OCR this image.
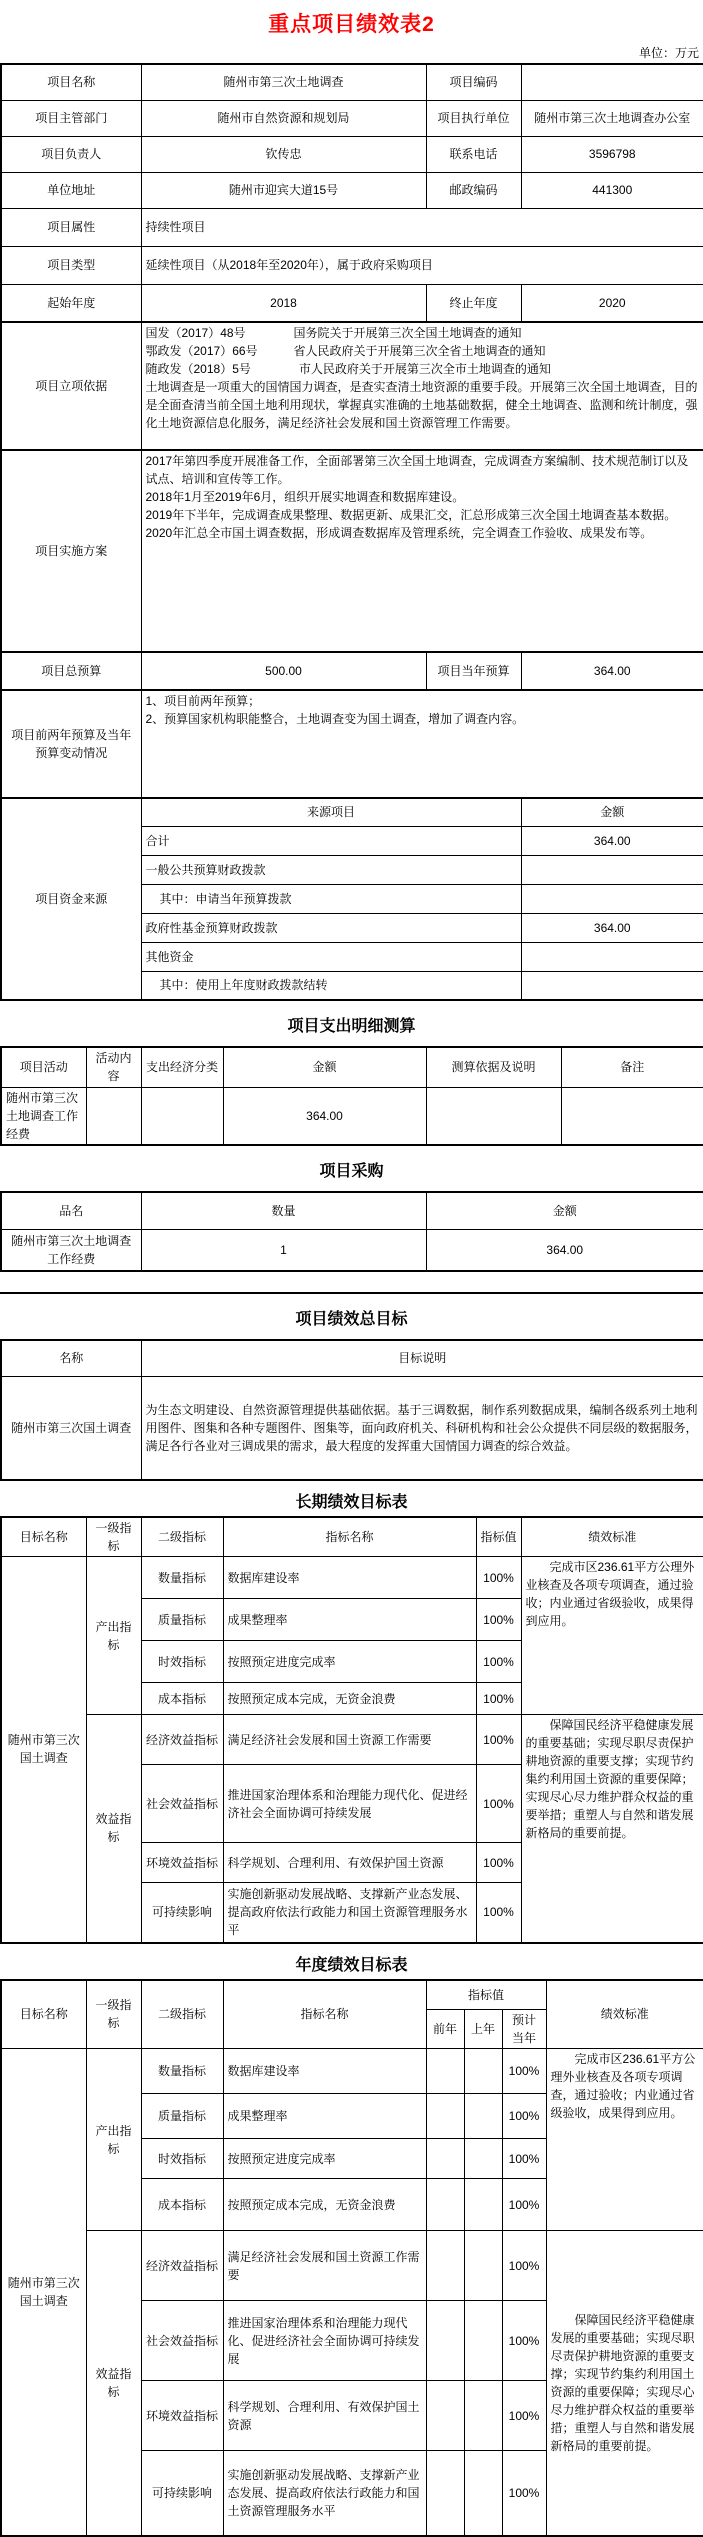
重点项目绩效表2
单位：万元
项目名称	随州市第三次土地调查	项目编码	
项目主管部门	随州市自然资源和规划局	项目执行单位	随州市第三次土地调查办公室
项目负责人	钦传忠	联系电话	3596798
单位地址	随州市迎宾大道15号	邮政编码	441300
项目属性	持续性项目		
项目类型	延续性项目（从2018年至2020年），属于政府采购项目		
起始年度	2018	终止年度	2020
项目立项依据	国发（2017）48号　　　　国务院关于开展第三次全国土地调查的通知
鄂政发（2017）66号　　　省人民政府关于开展第三次全省土地调查的通知
随政发（2018）5号　　　　市人民政府关于开展第三次全市土地调查的通知
土地调查是一项重大的国情国力调查，是查实查清土地资源的重要手段。开展第三次全国土地调查，目的是全面查清当前全国土地利用现状，掌握真实准确的土地基础数据，健全土地调查、监测和统计制度，强化土地资源信息化服务，满足经济社会发展和国土资源管理工作需要。		

项目实施方案	2017年第四季度开展准备工作，全面部署第三次全国土地调查，完成调查方案编制、技术规范制订以及试点、培训和宣传等工作。
2018年1月至2019年6月，组织开展实地调查和数据库建设。
2019年下半年，完成调查成果整理、数据更新、成果汇交，汇总形成第三次全国土地调查基本数据。
2020年汇总全市国土调查数据，形成调查数据库及管理系统，完全调查工作验收、成果发布等。		

项目总预算	500.00	项目当年预算	364.00
项目前两年预算及当年预算变动情况	1、项目前两年预算；
2、预算国家机构职能整合，土地调查变为国土调查，增加了调查内容。		

项目资金来源	来源项目		金额
	合计		364.00
	一般公共预算财政拨款		
	其中：申请当年预算拨款		
	政府性基金预算财政拨款		364.00
	其他资金		
	其中：使用上年度财政拨款结转		
项目支出明细测算
项目活动	活动内容	支出经济分类	金额	测算依据及说明	备注
随州市第三次土地调查工作经费			364.00		
项目采购
品名	数量	金额
随州市第三次土地调查工作经费	1	364.00
项目绩效总目标
名称	目标说明
随州市第三次国土调查	为生态文明建设、自然资源管理提供基础依据。基于三调数据，制作系列数据成果，编制各级系列土地利用图件、图集和各种专题图件、图集等，面向政府机关、科研机构和社会公众提供不同层级的数据服务，满足各行各业对三调成果的需求，最大程度的发挥重大国情国力调查的综合效益。
长期绩效目标表
目标名称	一级指标	二级指标	指标名称	指标值	绩效标准
随州市第三次国土调查	产出指标	数量指标	数据库建设率	100%	完成市区236.61平方公理外业核查及各项专项调查，通过验收；内业通过省级验收，成果得到应用。
		质量指标	成果整理率	100%	
		时效指标	按照预定进度完成率	100%	
		成本指标	按照预定成本完成，无资金浪费	100%	
	效益指标	经济效益指标	满足经济社会发展和国土资源工作需要	100%	保障国民经济平稳健康发展的重要基础；实现尽职尽责保护耕地资源的重要支撑；实现节约集约利用国土资源的重要保障；实现尽心尽力维护群众权益的重要举措；重塑人与自然和谐发展新格局的重要前提。
		社会效益指标	推进国家治理体系和治理能力现代化、促进经济社会全面协调可持续发展	100%	
		环境效益指标	科学规划、合理利用、有效保护国土资源	100%	
		可持续影响	实施创新驱动发展战略、支撑新产业态发展、提高政府依法行政能力和国土资源管理服务水平	100%	
年度绩效目标表
目标名称	一级指标	二级指标	指标名称	指标值			绩效标准
				前年	上年	预计当年	
随州市第三次国土调查	产出指标	数量指标	数据库建设率			100%	完成市区236.61平方公理外业核查及各项专项调查，通过验收；内业通过省级验收，成果得到应用。
		质量指标	成果整理率			100%	
		时效指标	按照预定进度完成率			100%	
		成本指标	按照预定成本完成，无资金浪费			100%	
	效益指标	经济效益指标	满足经济社会发展和国土资源工作需要			100%	保障国民经济平稳健康发展的重要基础；实现尽职尽责保护耕地资源的重要支撑；实现节约集约利用国土资源的重要保障；实现尽心尽力维护群众权益的重要举措；重塑人与自然和谐发展新格局的重要前提。
		社会效益指标	推进国家治理体系和治理能力现代化、促进经济社会全面协调可持续发展			100%	
		环境效益指标	科学规划、合理利用、有效保护国土资源			100%	
		可持续影响	实施创新驱动发展战略、支撑新产业态发展、提高政府依法行政能力和国土资源管理服务水平			100%	
